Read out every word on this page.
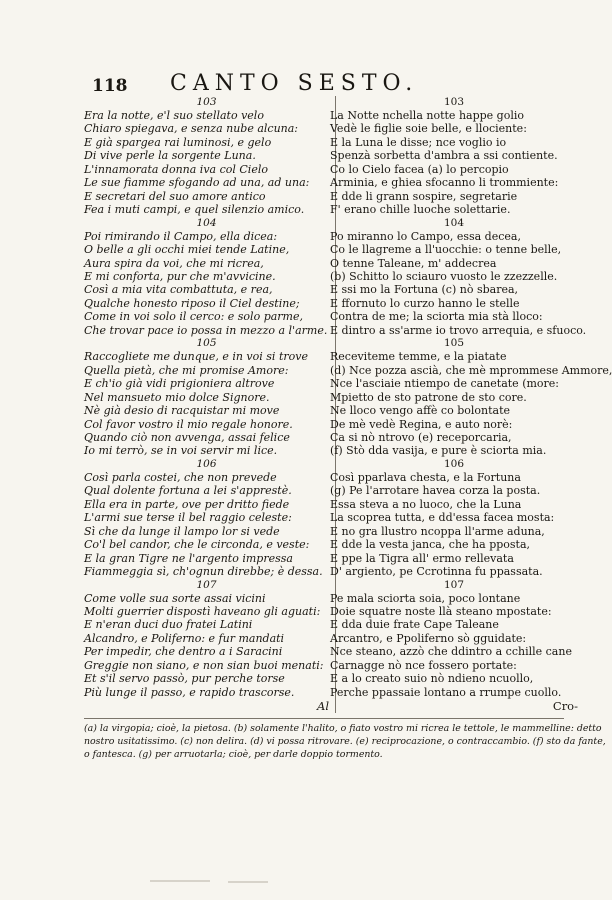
118 CANTO SESTO.
103
Era la notte, e'l suo stellato velo
Chiaro spiegava, e senza nube alcuna:
E già spargea rai luminosi, e gelo
Di vive perle la sorgente Luna.
L'innamorata donna iva col Cielo
Le sue fiamme sfogando ad una, ad una:
E secretari del suo amore antico
Fea i muti campi, e quel silenzio amico.
104
Poi rimirando il Campo, ella dicea:
O belle a gli occhi miei tende Latine,
Aura spira da voi, che mi ricrea,
E mi conforta, pur che m'avvicine.
Così a mia vita combattuta, e rea,
Qualche honesto riposo il Ciel destine;
Come in voi solo il cerco: e solo parme,
Che trovar pace io possa in mezzo a l'arme.
105
Raccogliete me dunque, e in voi si trove
Quella pietà, che mi promise Amore:
E ch'io già vidi prigioniera altrove
Nel mansueto mio dolce Signore.
Nè già desio di racquistar mi move
Col favor vostro il mio regale honore.
Quando ciò non avvenga, assai felice
Io mi terrò, se in voi servir mi lice.
106
Così parla costei, che non prevede
Qual dolente fortuna a lei s'apprestè.
Ella era in parte, ove per dritto fiede
L'armi sue terse il bel raggio celeste:
Sì che da lunge il lampo lor si vede
Co'l bel candor, che le circonda, e veste:
E la gran Tigre ne l'argento impressa
Fiammeggia sì, ch'ognun direbbe; è dessa.
107
Come volle sua sorte assai vicini
Molti guerrier dispostì haveano gli aguati:
E n'eran duci duo fratei Latini
Alcandro, e Poliferno: e fur mandati
Per impedir, che dentro a i Saracini
Greggie non siano, e non sian buoi menati:
Et s'il servo passò, pur perche torse
Più lunge il passo, e rapido trascorse.
Al
103
La Notte nchella notte happe golio
Vedè le figlie soie belle, e llociente:
E la Luna le disse; nce voglio io
Spenzà sorbetta d'ambra a ssi contiente.
Co lo Cielo facea (a) lo percopio
Arminia, e ghiea sfocanno li trommiente:
E dde li grann sospire, segretarie
F' erano chille luoche solettarie.
104
Po miranno lo Campo, essa decea,
Co le llagreme a ll'uocchie: o tenne belle,
O tenne Taleane, m' addecrea
(b) Schitto lo sciauro vuosto le zzezzelle.
E ssi mo la Fortuna (c) nò sbarea,
E ffornuto lo curzo hanno le stelle
Contra de me; la sciorta mia stà lloco:
E dintro a ss'arme io trovo arrequia, e sfuoco.
105
Receviteme temme, e la piatate
(d) Nce pozza ascià, che mè mprommese Ammore,
Nce l'asciaie ntiempo de canetate (more:
Mpietto de sto patrone de sto core.
Ne lloco vengo affè co bolontate
De mè vedè Regina, e auto norè:
Ca si nò ntrovo (e) receporcaria,
(f) Stò dda vasija, e pure è sciorta mia.
106
Così pparlava chesta, e la Fortuna
(g) Pe l'arrotare havea corza la posta.
Essa steva a no luoco, che la Luna
La scoprea tutta, e dd'essa facea mosta:
E no gra llustro ncoppa ll'arme aduna,
E dde la vesta janca, che ha pposta,
E ppe la Tigra all' ermo rellevata
D' argiento, pe Ccrotinna fu ppassata.
107
Pe mala sciorta soia, poco lontane
Doie squatre noste llà steano mpostate:
E dda duie frate Cape Taleane
Arcantro, e Ppoliferno sò gguidate:
Nce steano, azzò che ddintro a cchille cane
Carnagge nò nce fossero portate:
E a lo creato suio nò ndieno ncuollo,
Perche ppassaie lontano a rrumpe cuollo.
Cro-
(a) la virgopia; cioè, la pietosa. (b) solamente l'halito, o fiato vostro mi ricrea le tettole, le mammelline: detto
nostro usitatissimo. (c) non delira. (d) vi possa ritrovare. (e) reciprocazione, o contraccambio. (f) sto da fante,
o fantesca. (g) per arruotarla; cioè, per darle doppio tormento.
